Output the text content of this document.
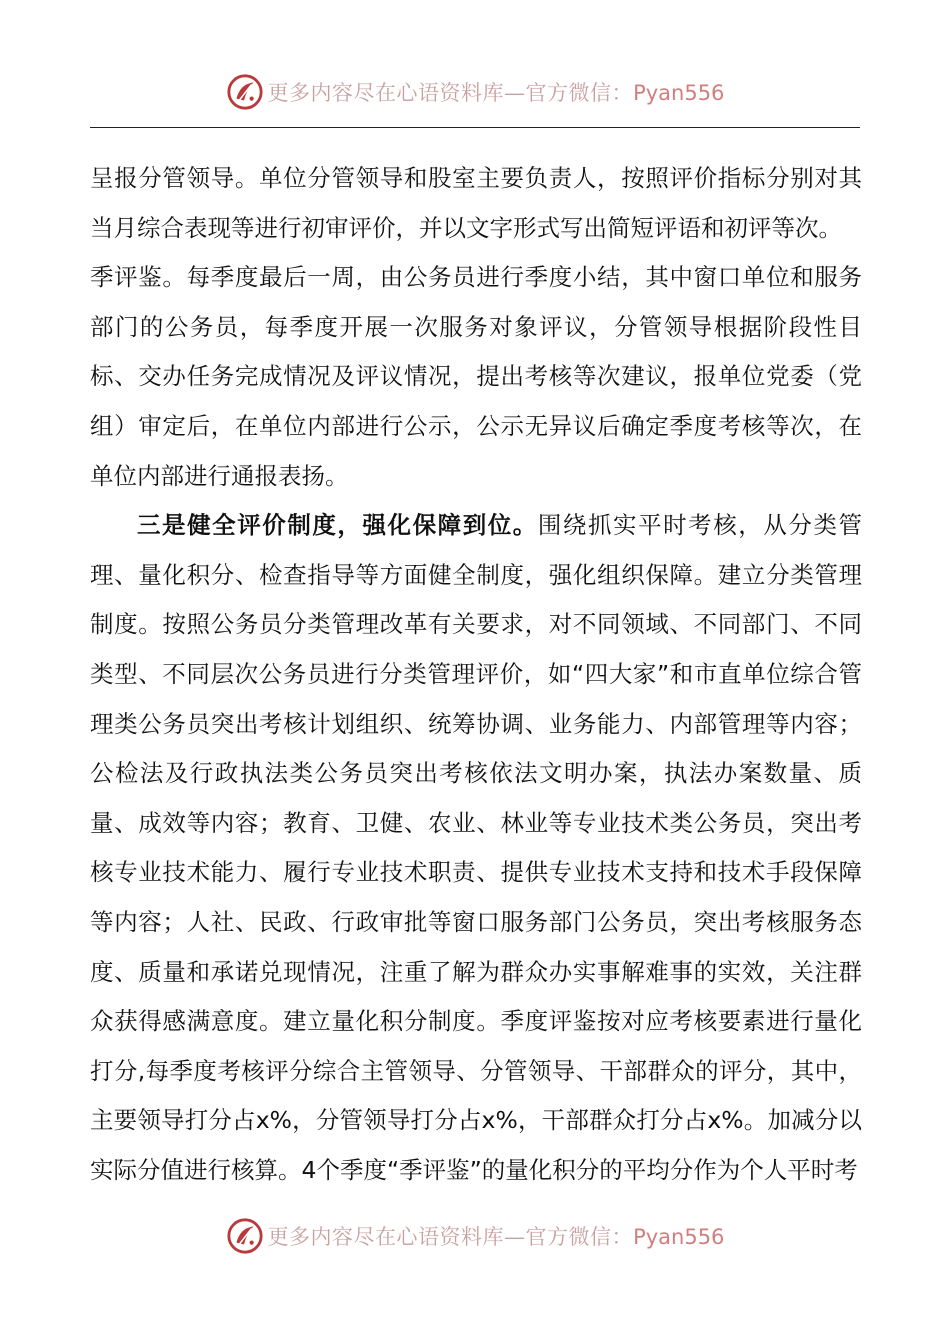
更多内容尽在心语资料库—官方微信：Pyan556

呈报分管领导。单位分管领导和股室主要负责人，按照评价指标分别对其当月综合表现等进行初审评价，并以文字形式写出简短评语和初评等次。

季评鉴。每季度最后一周，由公务员进行季度小结，其中窗口单位和服务部门的公务员，每季度开展一次服务对象评议，分管领导根据阶段性目标、交办任务完成情况及评议情况，提出考核等次建议，报单位党委（党组）审定后，在单位内部进行公示，公示无异议后确定季度考核等次，在单位内部进行通报表扬。

三是健全评价制度，强化保障到位。围绕抓实平时考核，从分类管理、量化积分、检查指导等方面健全制度，强化组织保障。建立分类管理制度。按照公务员分类管理改革有关要求，对不同领域、不同部门、不同类型、不同层次公务员进行分类管理评价，如“四大家”和市直单位综合管理类公务员突出考核计划组织、统筹协调、业务能力、内部管理等内容；公检法及行政执法类公务员突出考核依法文明办案，执法办案数量、质量、成效等内容；教育、卫健、农业、林业等专业技术类公务员，突出考核专业技术能力、履行专业技术职责、提供专业技术支持和技术手段保障等内容；人社、民政、行政审批等窗口服务部门公务员，突出考核服务态度、质量和承诺兑现情况，注重了解为群众办实事解难事的实效，关注群众获得感满意度。建立量化积分制度。季度评鉴按对应考核要素进行量化打分,每季度考核评分综合主管领导、分管领导、干部群众的评分，其中，主要领导打分占x%，分管领导打分占x%，干部群众打分占x%。加减分以实际分值进行核算。4个季度“季评鉴”的量化积分的平均分作为个人平时考

更多内容尽在心语资料库—官方微信：Pyan556
